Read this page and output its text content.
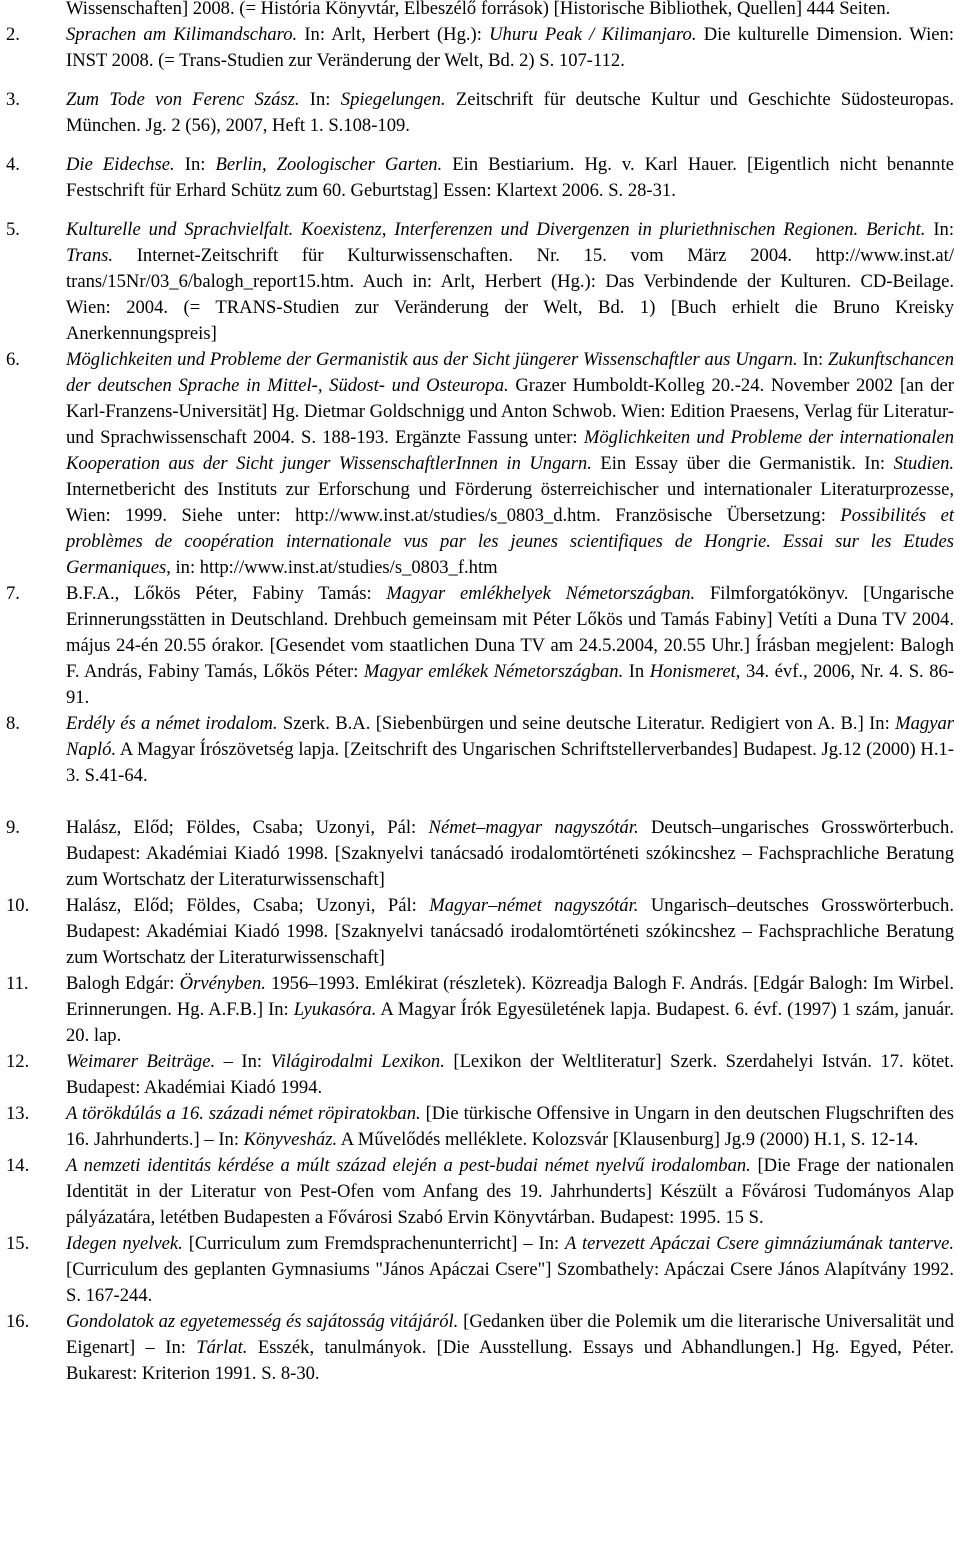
Wissenschaften] 2008. (= História Könyvtár, Elbeszélő források) [Historische Bibliothek, Quellen] 444 Seiten.
2. Sprachen am Kilimandscharo. In: Arlt, Herbert (Hg.): Uhuru Peak / Kilimanjaro. Die kulturelle Dimension. Wien: INST 2008. (= Trans-Studien zur Veränderung der Welt, Bd. 2) S. 107-112.
3. Zum Tode von Ferenc Szász. In: Spiegelungen. Zeitschrift für deutsche Kultur und Geschichte Südosteuropas. München. Jg. 2 (56), 2007, Heft 1. S.108-109.
4. Die Eidechse. In: Berlin, Zoologischer Garten. Ein Bestiarium. Hg. v. Karl Hauer. [Eigentlich nicht benannte Festschrift für Erhard Schütz zum 60. Geburtstag] Essen: Klartext 2006. S. 28-31.
5. Kulturelle und Sprachvielfalt. Koexistenz, Interferenzen und Divergenzen in pluriethnischen Regionen. Bericht. In: Trans. Internet-Zeitschrift für Kulturwissenschaften. Nr. 15. vom März 2004. http://www.inst.at/ trans/15Nr/03_6/balogh_report15.htm. Auch in: Arlt, Herbert (Hg.): Das Verbindende der Kulturen. CD-Beilage. Wien: 2004. (= TRANS-Studien zur Veränderung der Welt, Bd. 1) [Buch erhielt die Bruno Kreisky Anerkennungspreis]
6. Möglichkeiten und Probleme der Germanistik aus der Sicht jüngerer Wissenschaftler aus Ungarn. In: Zukunftschancen der deutschen Sprache in Mittel-, Südost- und Osteuropa. Grazer Humboldt-Kolleg 20.-24. November 2002 [an der Karl-Franzens-Universität] Hg. Dietmar Goldschnigg und Anton Schwob. Wien: Edition Praesens, Verlag für Literatur- und Sprachwissenschaft 2004. S. 188-193. Ergänzte Fassung unter: Möglichkeiten und Probleme der internationalen Kooperation aus der Sicht junger WissenschaftlerInnen in Ungarn. Ein Essay über die Germanistik. In: Studien. Internetbericht des Instituts zur Erforschung und Förderung österreichischer und internationaler Literaturprozesse, Wien: 1999. Siehe unter: http://www.inst.at/studies/s_0803_d.htm. Französische Übersetzung: Possibilités et problèmes de coopération internationale vus par les jeunes scientifiques de Hongrie. Essai sur les Etudes Germaniques, in: http://www.inst.at/studies/s_0803_f.htm
7. B.F.A., Lőkös Péter, Fabiny Tamás: Magyar emlékhelyek Németországban. Filmforgatókönyv. [Ungarische Erinnerungsstätten in Deutschland. Drehbuch gemeinsam mit Péter Lőkös und Tamás Fabiny] Vetíti a Duna TV 2004. május 24-én 20.55 órakor. [Gesendet vom staatlichen Duna TV am 24.5.2004, 20.55 Uhr.] Írásban megjelent: Balogh F. András, Fabiny Tamás, Lőkös Péter: Magyar emlékek Németországban. In Honismeret, 34. évf., 2006, Nr. 4. S. 86-91.
8. Erdély és a német irodalom. Szerk. B.A. [Siebenbürgen und seine deutsche Literatur. Redigiert von A. B.] In: Magyar Napló. A Magyar Írószövetség lapja. [Zeitschrift des Ungarischen Schriftstellerverbandes] Budapest. Jg.12 (2000) H.1-3. S.41-64.
9. Halász, Előd; Földes, Csaba; Uzonyi, Pál: Német–magyar nagyszótár. Deutsch–ungarisches Grosswörterbuch. Budapest: Akadémiai Kiadó 1998. [Szaknyelvi tanácsadó irodalomtörténeti szókincshez – Fachsprachliche Beratung zum Wortschatz der Literaturwissenschaft]
10. Halász, Előd; Földes, Csaba; Uzonyi, Pál: Magyar–német nagyszótár. Ungarisch–deutsches Grosswörterbuch. Budapest: Akadémiai Kiadó 1998. [Szaknyelvi tanácsadó irodalomtörténeti szókincshez – Fachsprachliche Beratung zum Wortschatz der Literaturwissenschaft]
11. Balogh Edgár: Örvényben. 1956–1993. Emlékirat (részletek). Közreadja Balogh F. András. [Edgár Balogh: Im Wirbel. Erinnerungen. Hg. A.F.B.] In: Lyukasóra. A Magyar Írók Egyesületének lapja. Budapest. 6. évf. (1997) 1 szám, január. 20. lap.
12. Weimarer Beiträge. – In: Világirodalmi Lexikon. [Lexikon der Weltliteratur] Szerk. Szerdahelyi István. 17. kötet. Budapest: Akadémiai Kiadó 1994.
13. A törökdúlás a 16. századi német röpiratokban. [Die türkische Offensive in Ungarn in den deutschen Flugschriften des 16. Jahrhunderts.] – In: Könyvesház. A Művelődés melléklete. Kolozsvár [Klausenburg] Jg.9 (2000) H.1, S. 12-14.
14. A nemzeti identitás kérdése a múlt század elején a pest-budai német nyelvű irodalomban. [Die Frage der nationalen Identität in der Literatur von Pest-Ofen vom Anfang des 19. Jahrhunderts] Készült a Fővárosi Tudományos Alap pályázatára, letétben Budapesten a Fővárosi Szabó Ervin Könyvtárban. Budapest: 1995. 15 S.
15. Idegen nyelvek. [Curriculum zum Fremdsprachenunterricht] – In: A tervezett Apáczai Csere gimnáziumának tanterve. [Curriculum des geplanten Gymnasiums "János Apáczai Csere"] Szombathely: Apáczai Csere János Alapítvány 1992. S. 167-244.
16. Gondolatok az egyetemesség és sajátosság vitájáról. [Gedanken über die Polemik um die literarische Universalität und Eigenart] – In: Tárlat. Esszék, tanulmányok. [Die Ausstellung. Essays und Abhandlungen.] Hg. Egyed, Péter. Bukarest: Kriterion 1991. S. 8-30.
